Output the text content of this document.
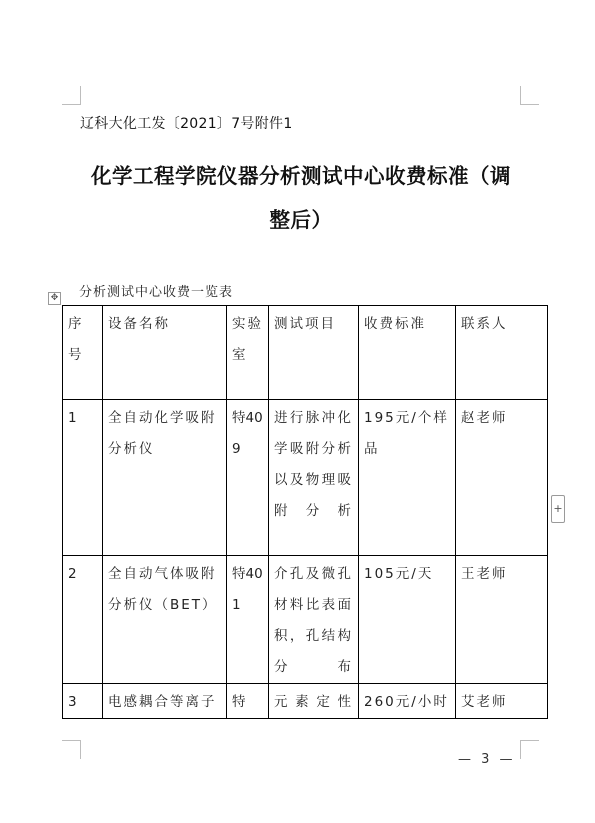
辽科大化工发〔2021〕7号附件1
化学工程学院仪器分析测试中心收费标准（调
整后）
分析测试中心收费一览表
✥
序号	设备名称	实验室	测试项目	收费标准	联系人
1	全自动化学吸附分析仪	特409	进行脉冲化学吸附分析以及物理吸附分析	195元/个样品	赵老师
2	全自动气体吸附分析仪（BET）	特401	介孔及微孔材料比表面积，孔结构分布	105元/天	王老师
3	电感耦合等离子	特	元素定性	260元/小时	艾老师
+
— 3 —
